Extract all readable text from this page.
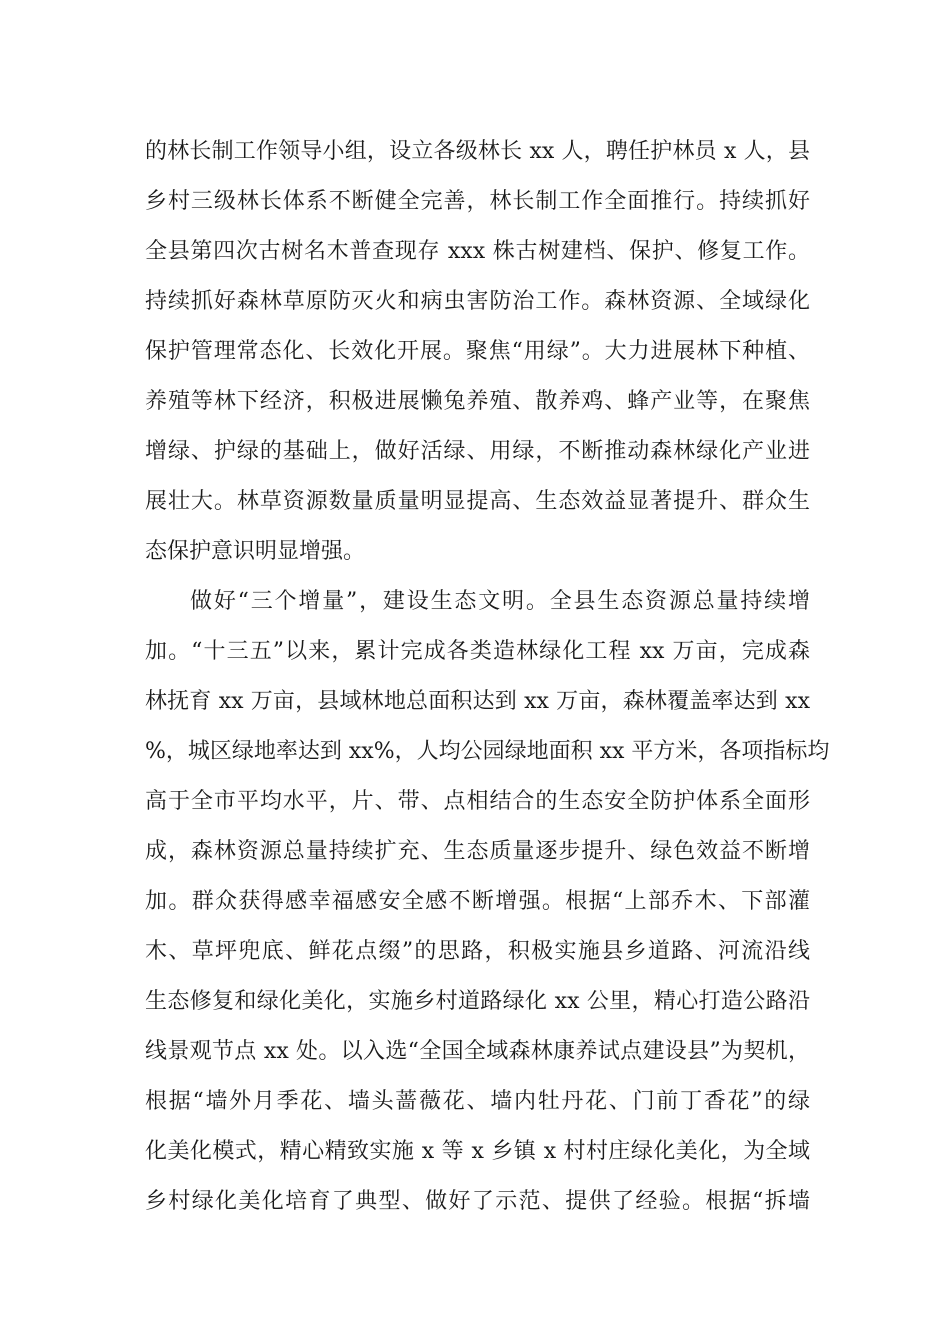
的林长制工作领导小组，设立各级林长 xx 人，聘任护林员 x 人，县
乡村三级林长体系不断健全完善，林长制工作全面推行。持续抓好
全县第四次古树名木普查现存 xxx 株古树建档、保护、修复工作。
持续抓好森林草原防灭火和病虫害防治工作。森林资源、全域绿化
保护管理常态化、长效化开展。聚焦“用绿”。大力进展林下种植、
养殖等林下经济，积极进展懒兔养殖、散养鸡、蜂产业等，在聚焦
增绿、护绿的基础上，做好活绿、用绿，不断推动森林绿化产业进
展壮大。林草资源数量质量明显提高、生态效益显著提升、群众生
态保护意识明显增强。
做好“三个增量”，建设生态文明。全县生态资源总量持续增
加。“十三五”以来，累计完成各类造林绿化工程 xx 万亩，完成森
林抚育 xx 万亩，县域林地总面积达到 xx 万亩，森林覆盖率达到 xx
%，城区绿地率达到 xx%，人均公园绿地面积 xx 平方米，各项指标均
高于全市平均水平，片、带、点相结合的生态安全防护体系全面形
成，森林资源总量持续扩充、生态质量逐步提升、绿色效益不断增
加。群众获得感幸福感安全感不断增强。根据“上部乔木、下部灌
木、草坪兜底、鲜花点缀”的思路，积极实施县乡道路、河流沿线
生态修复和绿化美化，实施乡村道路绿化 xx 公里，精心打造公路沿
线景观节点 xx 处。以入选“全国全域森林康养试点建设县”为契机，
根据“墙外月季花、墙头蔷薇花、墙内牡丹花、门前丁香花”的绿
化美化模式，精心精致实施 x 等 x 乡镇 x 村村庄绿化美化，为全域
乡村绿化美化培育了典型、做好了示范、提供了经验。根据“拆墙
